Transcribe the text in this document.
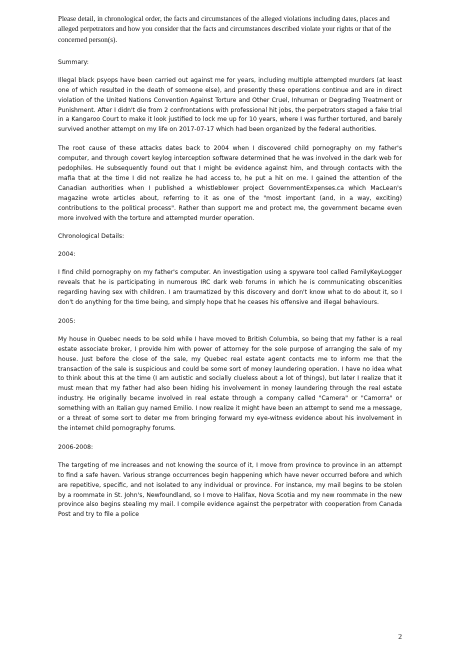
Please detail, in chronological order, the facts and circumstances of the alleged violations including dates, places and alleged perpetrators and how you consider that the facts and circumstances described violate your rights or that of the concerned person(s).

Summary:

Illegal black psyops have been carried out against me for years, including multiple attempted murders (at least one of which resulted in the death of someone else), and presently these operations continue and are in direct violation of the United Nations Convention Against Torture and Other Cruel, Inhuman or Degrading Treatment or Punishment. After I didn't die from 2 confrontations with professional hit jobs, the perpetrators staged a fake trial in a Kangaroo Court to make it look justified to lock me up for 10 years, where I was further tortured, and barely survived another attempt on my life on 2017-07-17 which had been organized by the federal authorities.

The root cause of these attacks dates back to 2004 when I discovered child pornography on my father's computer, and through covert keylog interception software determined that he was involved in the dark web for pedophiles. He subsequently found out that I might be evidence against him, and through contacts with the mafia that at the time I did not realize he had access to, he put a hit on me. I gained the attention of the Canadian authorities when I published a whistleblower project GovernmentExpenses.ca which MacLean's magazine wrote articles about, referring to it as one of the "most important (and, in a way, exciting) contributions to the political process". Rather than support me and protect me, the government became even more involved with the torture and attempted murder operation.

Chronological Details:

2004:

I find child pornography on my father's computer. An investigation using a spyware tool called FamilyKeyLogger reveals that he is participating in numerous IRC dark web forums in which he is communicating obscenities regarding having sex with children. I am traumatized by this discovery and don't know what to do about it, so I don't do anything for the time being, and simply hope that he ceases his offensive and illegal behaviours.

2005:

My house in Quebec needs to be sold while I have moved to British Columbia, so being that my father is a real estate associate broker, I provide him with power of attorney for the sole purpose of arranging the sale of my house. Just before the close of the sale, my Quebec real estate agent contacts me to inform me that the transaction of the sale is suspicious and could be some sort of money laundering operation. I have no idea what to think about this at the time (I am autistic and socially clueless about a lot of things), but later I realize that it must mean that my father had also been hiding his involvement in money laundering through the real estate industry. He originally became involved in real estate through a company called "Camera" or "Camorra" or something with an Italian guy named Emilio. I now realize it might have been an attempt to send me a message, or a threat of some sort to deter me from bringing forward my eye-witness evidence about his involvement in the internet child pornography forums.

2006-2008:

The targeting of me increases and not knowing the source of it, I move from province to province in an attempt to find a safe haven. Various strange occurrences begin happening which have never occurred before and which are repetitive, specific, and not isolated to any individual or province. For instance, my mail begins to be stolen by a roommate in St. John's, Newfoundland, so I move to Halifax, Nova Scotia and my new roommate in the new province also begins stealing my mail. I compile evidence against the perpetrator with cooperation from Canada Post and try to file a police

2
